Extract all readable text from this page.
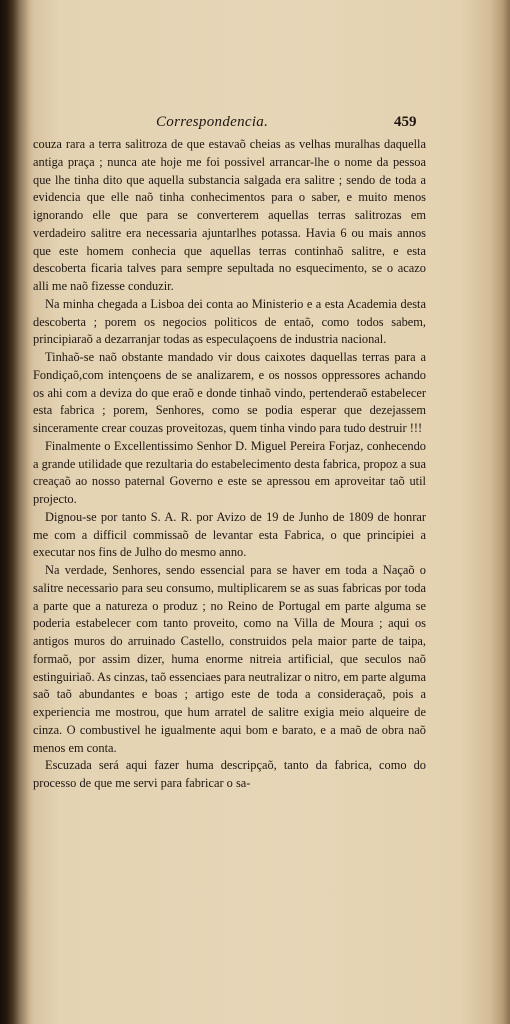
Correspondencia.	459

couza rara a terra salitroza de que estavaõ cheias as velhas muralhas daquella antiga praça ; nunca ate hoje me foi possivel arrancar-lhe o nome da pessoa que lhe tinha dito que aquella substancia salgada era salitre ; sendo de toda a evidencia que elle naõ tinha conhecimentos para o saber, e muito menos ignorando elle que para se converterem aquellas terras salitrozas em verdadeiro salitre era necessaria ajuntarlhes potassa. Havia 6 ou mais annos que este homem conhecia que aquellas terras continhaõ salitre, e esta descoberta ficaria talves para sempre sepultada no esquecimento, se o acazo alli me naõ fizesse conduzir.

Na minha chegada a Lisboa dei conta ao Ministerio e a esta Academia desta descoberta ; porem os negocios politicos de entaõ, como todos sabem, principiaraõ a dezarranjar todas as especulaçoens de industria nacional.

Tinhaõ-se naõ obstante mandado vir dous caixotes daquellas terras para a Fondiçaõ,com intençoens de se analizarem, e os nossos oppressores achando os ahi com a deviza do que eraõ e donde tinhaõ vindo, pertenderaõ estabelecer esta fabrica ; porem, Senhores, como se podia esperar que dezejassem sinceramente crear couzas proveitozas, quem tinha vindo para tudo destruir !!!

Finalmente o Excellentissimo Senhor D. Miguel Pereira Forjaz, conhecendo a grande utilidade que rezultaria do estabelecimento desta fabrica, propoz a sua creaçaõ ao nosso paternal Governo e este se apressou em aproveitar taõ util projecto.

Dignou-se por tanto S. A. R. por Avizo de 19 de Junho de 1809 de honrar me com a difficil commissaõ de levantar esta Fabrica, o que principiei a executar nos fins de Julho do mesmo anno.

Na verdade, Senhores, sendo essencial para se haver em toda a Naçaõ o salitre necessario para seu consumo, multiplicarem se as suas fabricas por toda a parte que a natureza o produz ; no Reino de Portugal em parte alguma se poderia estabelecer com tanto proveito, como na Villa de Moura ; aqui os antigos muros do arruinado Castello, construidos pela maior parte de taipa, formaõ, por assim dizer, huma enorme nitreia artificial, que seculos naõ estinguiriaõ. As cinzas, taõ essenciaes para neutralizar o nitro, em parte alguma saõ taõ abundantes e boas ; artigo este de toda a consideraçaõ, pois a experiencia me mostrou, que hum arratel de salitre exigia meio alqueire de cinza. O combustivel he igualmente aqui bom e barato, e a maõ de obra naõ menos em conta.

Escuzada será aqui fazer huma descripçaõ, tanto da fabrica, como do processo de que me servi para fabricar o sa-
